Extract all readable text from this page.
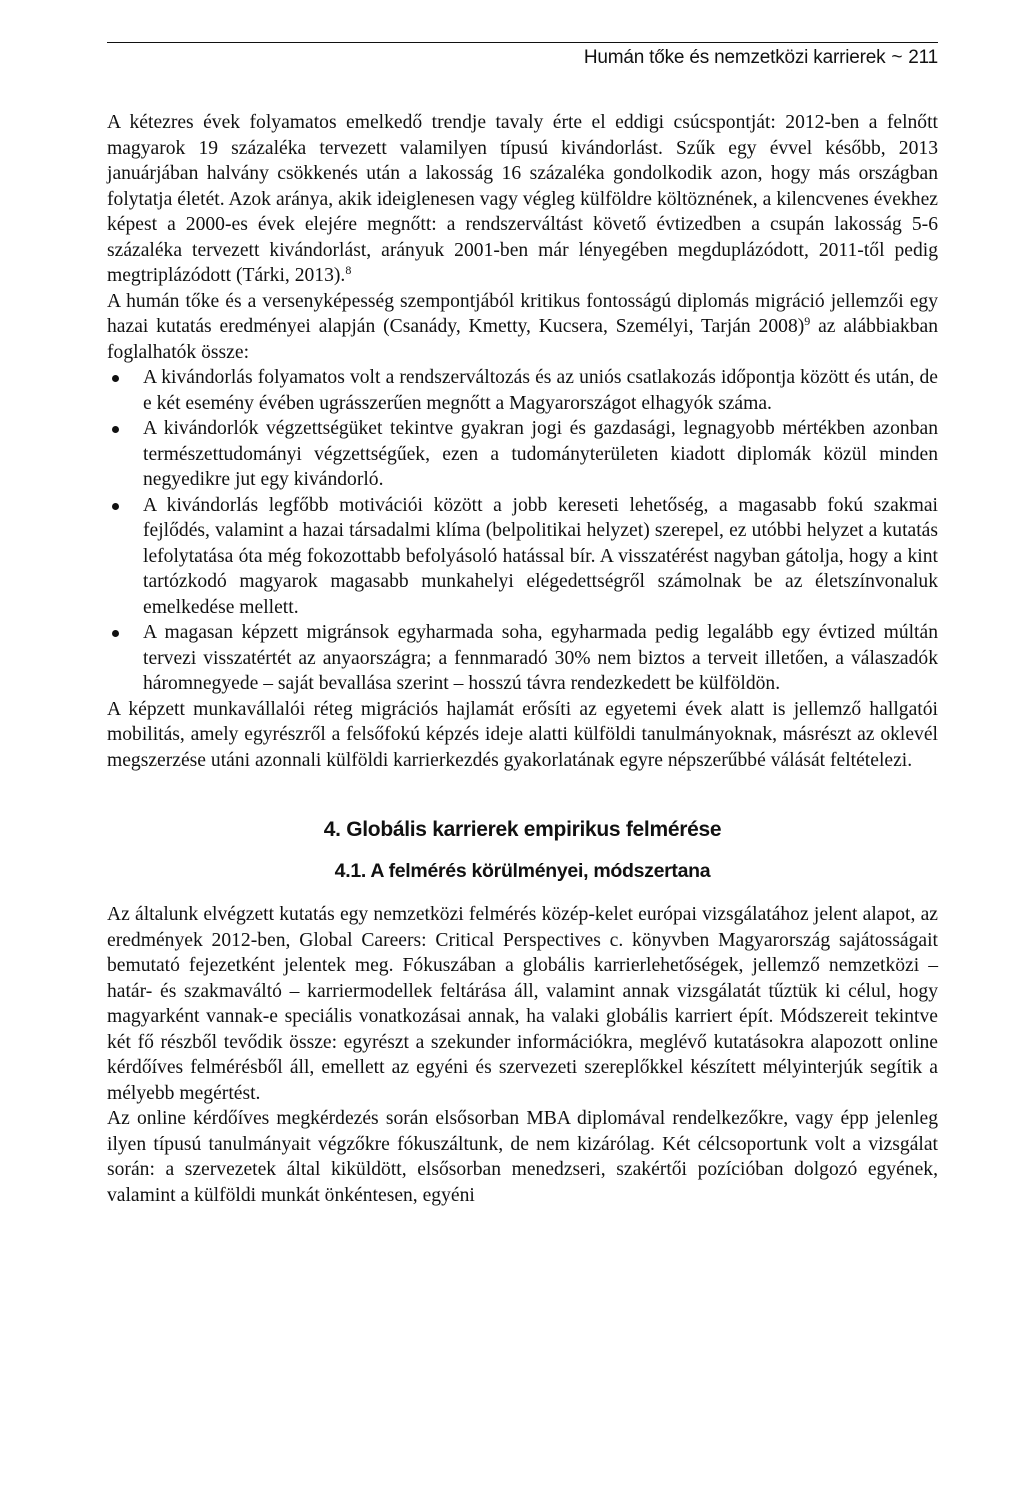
Humán tőke és nemzetközi karrierek ~ 211

A kétezres évek folyamatos emelkedő trendje tavaly érte el eddigi csúcspontját: 2012-ben a felnőtt magyarok 19 százaléka tervezett valamilyen típusú kivándorlást. Szűk egy évvel később, 2013 januárjában halvány csökkenés után a lakosság 16 százaléka gondolkodik azon, hogy más országban folytatja életét. Azok aránya, akik ideiglenesen vagy végleg külföldre költöznének, a kilencvenes évekhez képest a 2000-es évek elejére megnőtt: a rendszerváltást követő évtizedben a csupán lakosság 5-6 százaléka tervezett kivándorlást, arányuk 2001-ben már lényegében megduplázódott, 2011-től pedig megtriplázódott (Tárki, 2013).$^8$

A humán tőke és a versenyképesség szempontjából kritikus fontosságú diplomás migráció jellemzői egy hazai kutatás eredményei alapján (Csanády, Kmetty, Kucsera, Személyi, Tarján 2008)$^9$ az alábbiakban foglalhatók össze:

A kivándorlás folyamatos volt a rendszerváltozás és az uniós csatlakozás időpontja között és után, de e két esemény évében ugrásszerűen megnőtt a Magyarországot elhagyók száma.
A kivándorlók végzettségüket tekintve gyakran jogi és gazdasági, legnagyobb mértékben azonban természettudományi végzettségűek, ezen a tudományterületen kiadott diplomák közül minden negyedikre jut egy kivándorló.
A kivándorlás legfőbb motivációi között a jobb kereseti lehetőség, a magasabb fokú szakmai fejlődés, valamint a hazai társadalmi klíma (belpolitikai helyzet) szerepel, ez utóbbi helyzet a kutatás lefolytatása óta még fokozottabb befolyásoló hatással bír. A visszatérést nagyban gátolja, hogy a kint tartózkodó magyarok magasabb munkahelyi elégedettségről számolnak be az életszínvonaluk emelkedése mellett.
A magasan képzett migránsok egyharmada soha, egyharmada pedig legalább egy évtized múltán tervezi visszatértét az anyaországra; a fennmaradó 30% nem biztos a terveit illetően, a válaszadók háromnegyede – saját bevallása szerint – hosszú távra rendezkedett be külföldön.

A képzett munkavállalói réteg migrációs hajlamát erősíti az egyetemi évek alatt is jellemző hallgatói mobilitás, amely egyrészről a felsőfokú képzés ideje alatti külföldi tanulmányoknak, másrészt az oklevél megszerzése utáni azonnali külföldi karrierkezdés gyakorlatának egyre népszerűbbé válását feltételezi.

4. Globális karrierek empirikus felmérése
4.1. A felmérés körülményei, módszertana

Az általunk elvégzett kutatás egy nemzetközi felmérés közép-kelet európai vizsgálatához jelent alapot, az eredmények 2012-ben, Global Careers: Critical Perspectives c. könyvben Magyarország sajátosságait bemutató fejezetként jelentek meg. Fókuszában a globális karrierlehetőségek, jellemző nemzetközi – határ- és szakmaváltó – karriermodellek feltárása áll, valamint annak vizsgálatát tűztük ki célul, hogy magyarként vannak-e speciális vonatkozásai annak, ha valaki globális karriert épít. Módszereit tekintve két fő részből tevődik össze: egyrészt a szekunder információkra, meglévő kutatásokra alapozott online kérdőíves felmérésből áll, emellett az egyéni és szervezeti szereplőkkel készített mélyinterjúk segítik a mélyebb megértést.

Az online kérdőíves megkérdezés során elsősorban MBA diplomával rendelkezőkre, vagy épp jelenleg ilyen típusú tanulmányait végzőkre fókuszáltunk, de nem kizárólag. Két célcsoportunk volt a vizsgálat során: a szervezetek által kiküldött, elsősorban menedzseri, szakértői pozícióban dolgozó egyének, valamint a külföldi munkát önkéntesen, egyéni
